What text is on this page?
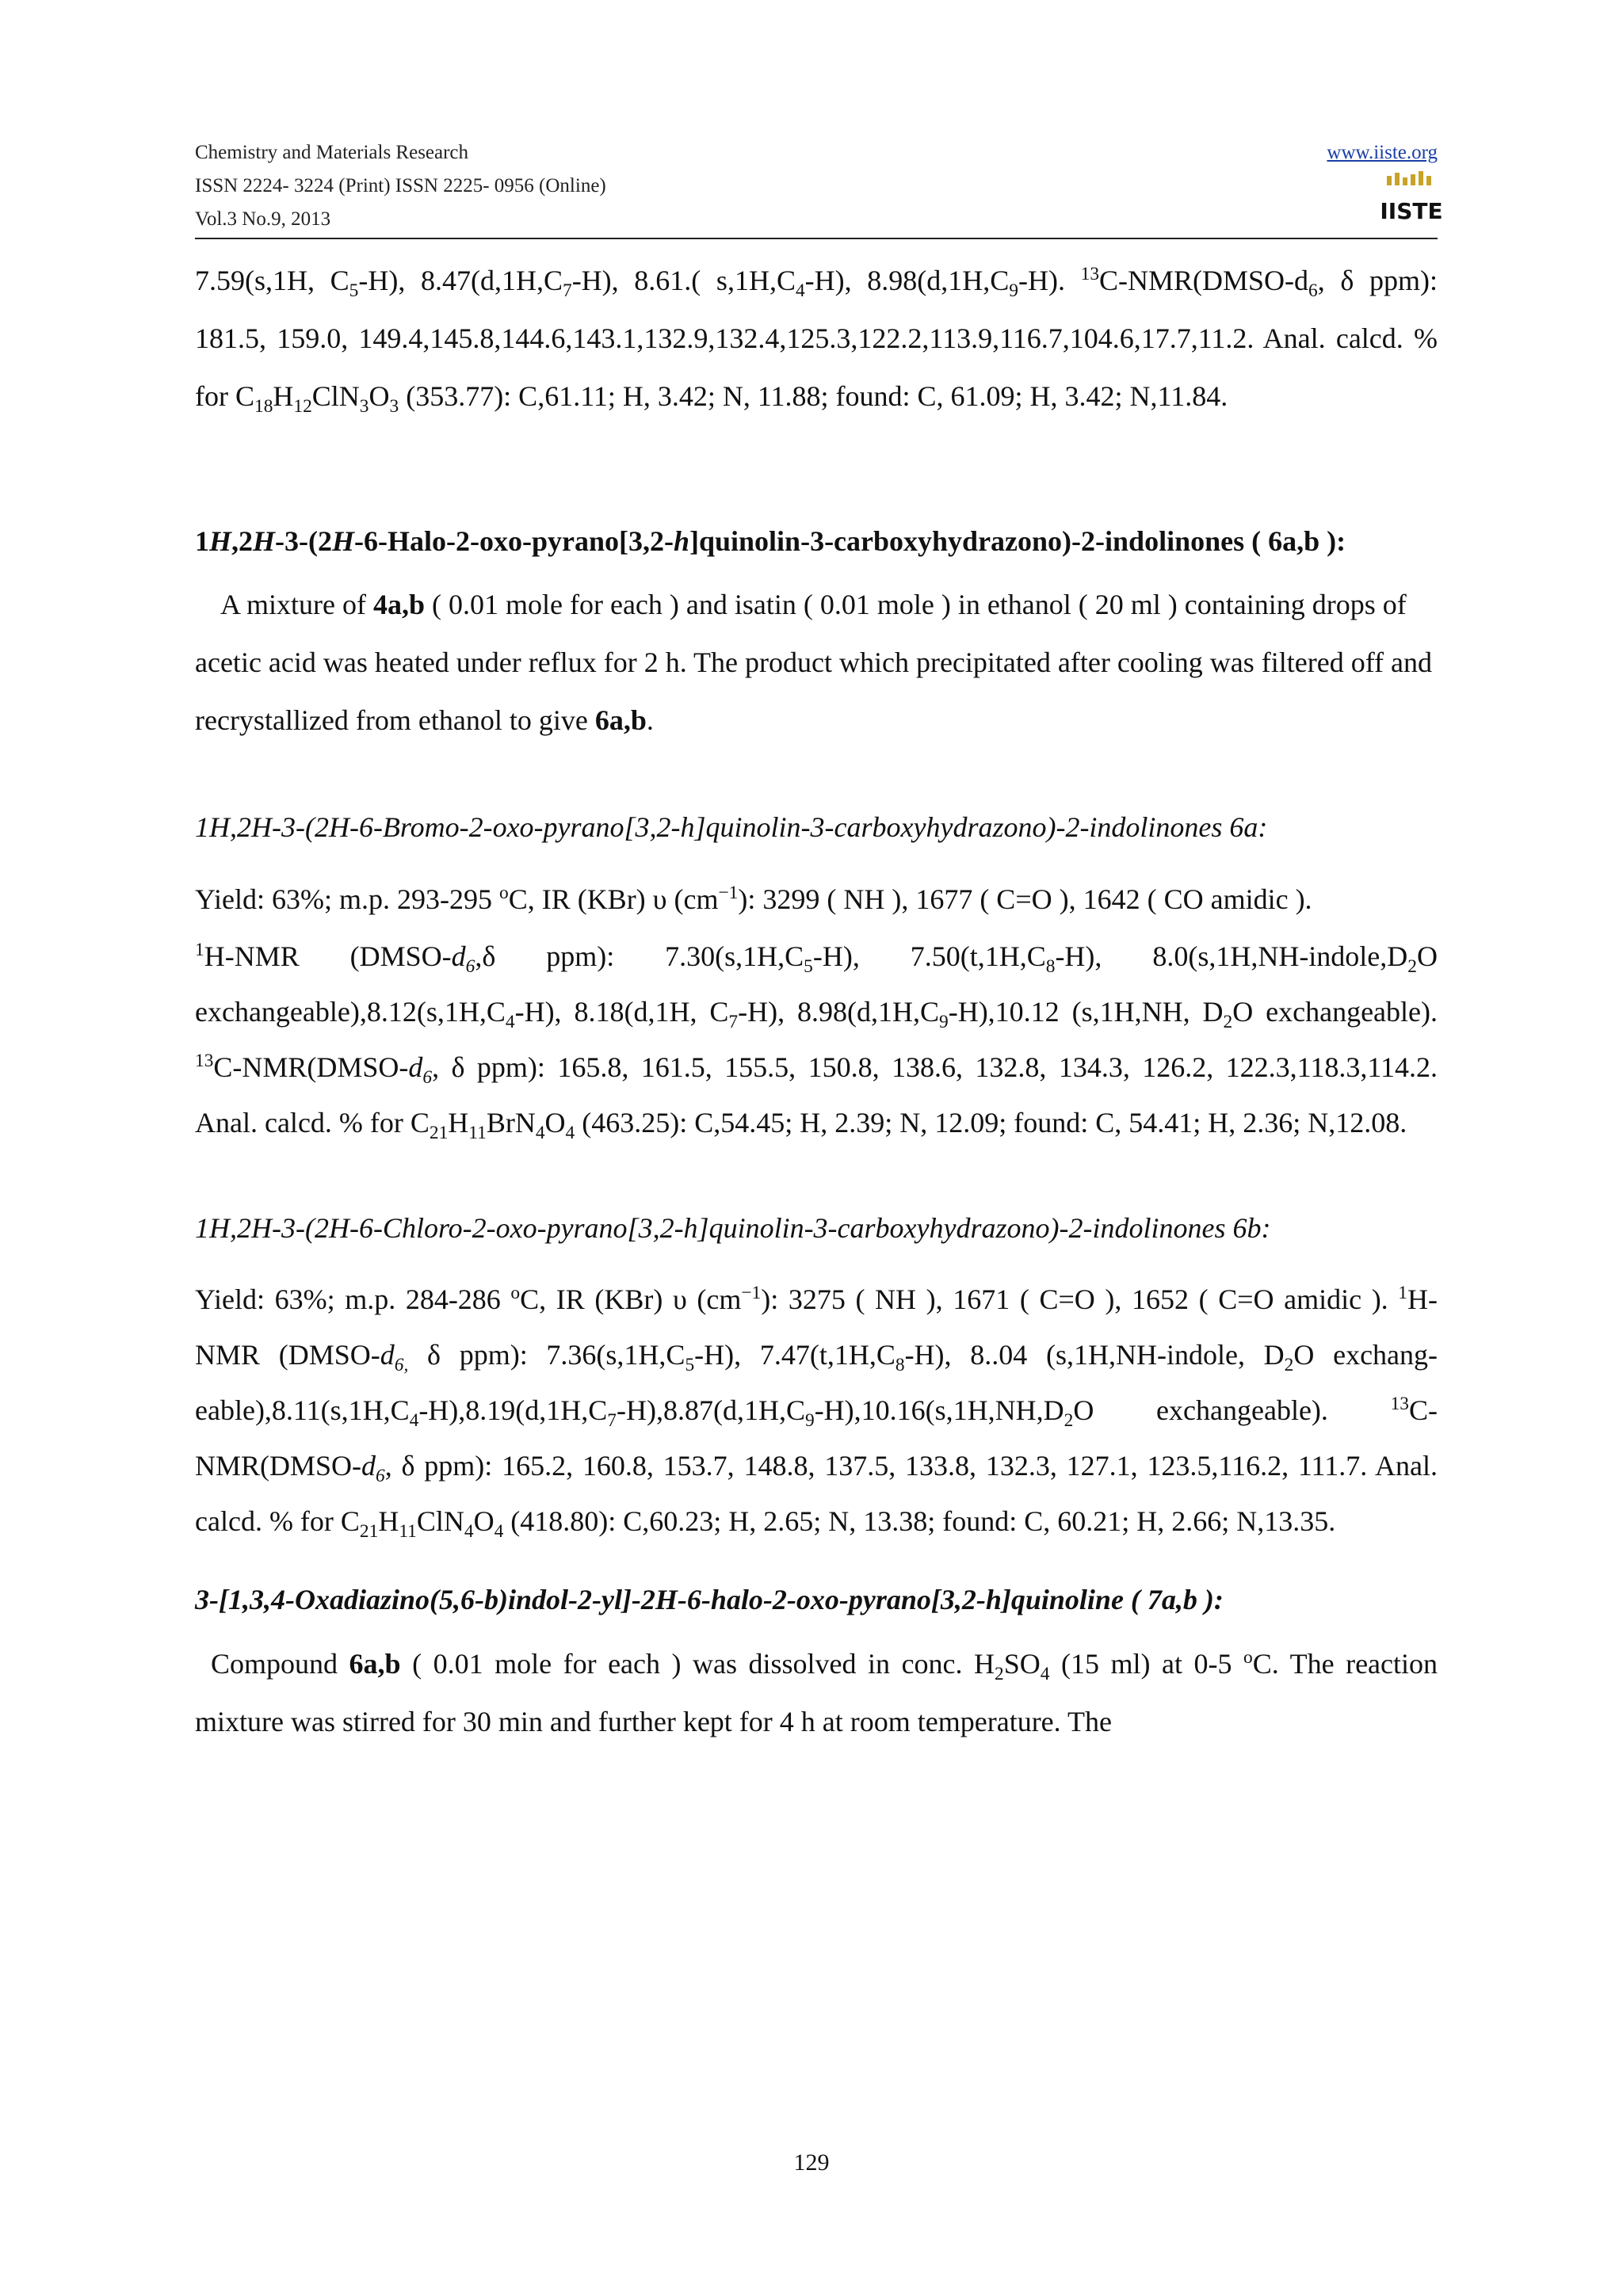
Chemistry and Materials Research
ISSN 2224- 3224 (Print) ISSN 2225- 0956 (Online)
Vol.3 No.9, 2013
www.iiste.org
IISTE

7.59(s,1H, $C_5-H$), $8.47(d,1H,C_7-H)$, 8.61.( $s,1H,C_4-H$), $8.98(d,1H,C_9-H)$. $^{13}C-NMR(DMSO-d_6$, δ ppm): 181.5, 159.0, 149.4,145.8,144.6,143.1,132.9,132.4,125.3,122.2,113.9,116.7,104.6,17.7,11.2. Anal. calcd. % for $C_{18}H_{12}ClN_3O_3$ (353.77): C,61.11; H, 3.42; N, 11.88; found: C, 61.09; H, 3.42; N,11.84.

1H,2H-3-(2H-6-Halo-2-oxo-pyrano[3,2-h]quinolin-3-carboxyhydrazono)-2-indolinones ( 6a,b ):

A mixture of 4a,b ( 0.01 mole for each ) and isatin ( 0.01 mole ) in ethanol ( 20 ml ) containing drops of acetic acid was heated under reflux for 2 h. The product which precipitated after cooling was filtered off and recrystallized from ethanol to give 6a,b.

1H,2H-3-(2H-6-Bromo-2-oxo-pyrano[3,2-h]quinolin-3-carboxyhydrazono)-2-indolinones 6a:

Yield: 63%; m.p. 293-295 $^o$C, IR (KBr) υ $(cm^{-1})$: 3299 ( NH ), 1677 ( C=O ), 1642 ( CO amidic ).

$^1$H-NMR ($DMSO-d_6,\delta$ ppm): $7.30(s,1H,C_5-H)$, $7.50(t,1H,C_8-H)$, $8.0(s,1H,NH-indole,D_2O$ $exchangeable),8.12(s,1H,C_4-H)$, 8.18(d,1H, $C_7-H$), $8.98(d,1H,C_9-H),10.12$ (s,1H,NH, $D_2O$ exchangeable). $^{13}C-NMR(DMSO-d_6$, δ ppm): 165.8, 161.5, 155.5, 150.8, 138.6, 132.8, 134.3, 126.2, 122.3,118.3,114.2. Anal. calcd. % for $C_{21}H_{11}BrN_4O_4$ (463.25): C,54.45; H, 2.39; N, 12.09; found: C, 54.41; H, 2.36; N,12.08.

1H,2H-3-(2H-6-Chloro-2-oxo-pyrano[3,2-h]quinolin-3-carboxyhydrazono)-2-indolinones 6b:

Yield: 63%; m.p. 284-286 $^o$C, IR (KBr) υ $(cm^{-1})$: 3275 ( NH ), 1671 ( C=O ), 1652 ( C=O amidic ). $^1$H- NMR ($DMSO-d_{6,}$ δ ppm): $7.36(s,1H,C_5-H)$, $7.47(t,1H,C_8-H)$, 8..04 (s,1H,NH-indole, $D_2O$ exchang-$eable),8.11(s,1H,C_4-H),8.19(d,1H,C_7-H),8.87(d,1H,C_9-H),10.16(s,1H,NH,D_2O$ exchangeable). $^{13}$C- $NMR(DMSO-d_6$, δ ppm): 165.2, 160.8, 153.7, 148.8, 137.5, 133.8, 132.3, 127.1, 123.5,116.2, 111.7. Anal. calcd. % for $C_{21}H_{11}ClN_4O_4$ (418.80): C,60.23; H, 2.65; N, 13.38; found: C, 60.21; H, 2.66; N,13.35.

3-[1,3,4-Oxadiazino(5,6-b)indol-2-yl]-2H-6-halo-2-oxo-pyrano[3,2-h]quinoline ( 7a,b ):

Compound 6a,b ( 0.01 mole for each ) was dissolved in conc. $H_2SO_4$ (15 ml) at 0-5 $^o$C. The reaction mixture was stirred for 30 min and further kept for 4 h at room temperature. The

129
